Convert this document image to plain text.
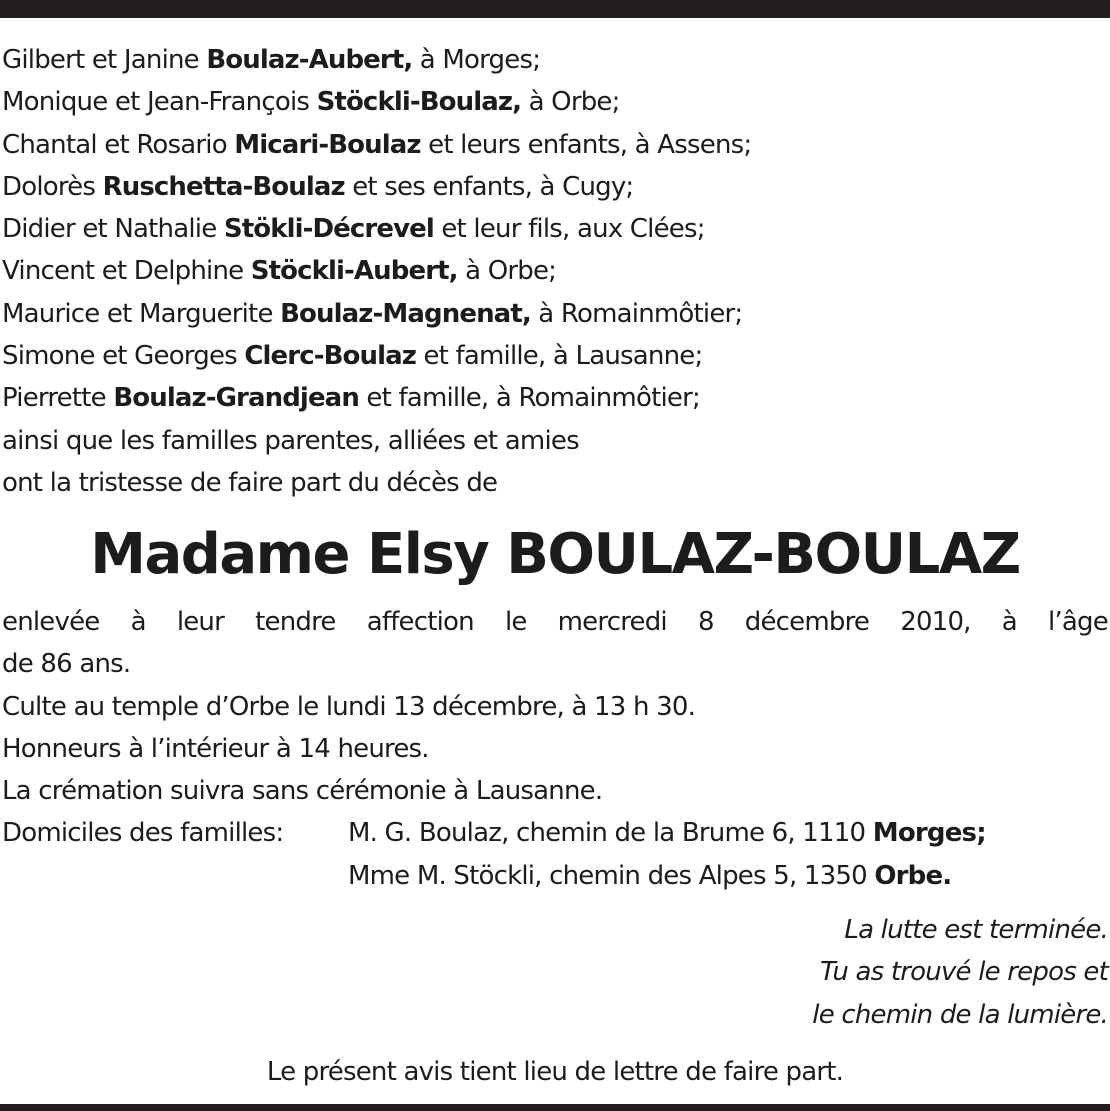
Gilbert et Janine Boulaz-Aubert, à Morges;
Monique et Jean-François Stöckli-Boulaz, à Orbe;
Chantal et Rosario Micari-Boulaz et leurs enfants, à Assens;
Dolorès Ruschetta-Boulaz et ses enfants, à Cugy;
Didier et Nathalie Stökli-Décrevel et leur fils, aux Clées;
Vincent et Delphine Stöckli-Aubert, à Orbe;
Maurice et Marguerite Boulaz-Magnenat, à Romainmôtier;
Simone et Georges Clerc-Boulaz et famille, à Lausanne;
Pierrette Boulaz-Grandjean et famille, à Romainmôtier;
ainsi que les familles parentes, alliées et amies
ont la tristesse de faire part du décès de
Madame Elsy BOULAZ-BOULAZ
enlevée à leur tendre affection le mercredi 8 décembre 2010, à l’âge
de 86 ans.
Culte au temple d’Orbe le lundi 13 décembre, à 13 h 30.
Honneurs à l’intérieur à 14 heures.
La crémation suivra sans cérémonie à Lausanne.
Domiciles des familles:	M. G. Boulaz, chemin de la Brume 6, 1110 Morges;
Mme M. Stöckli, chemin des Alpes 5, 1350 Orbe.
La lutte est terminée.
Tu as trouvé le repos et
le chemin de la lumière.
Le présent avis tient lieu de lettre de faire part.
